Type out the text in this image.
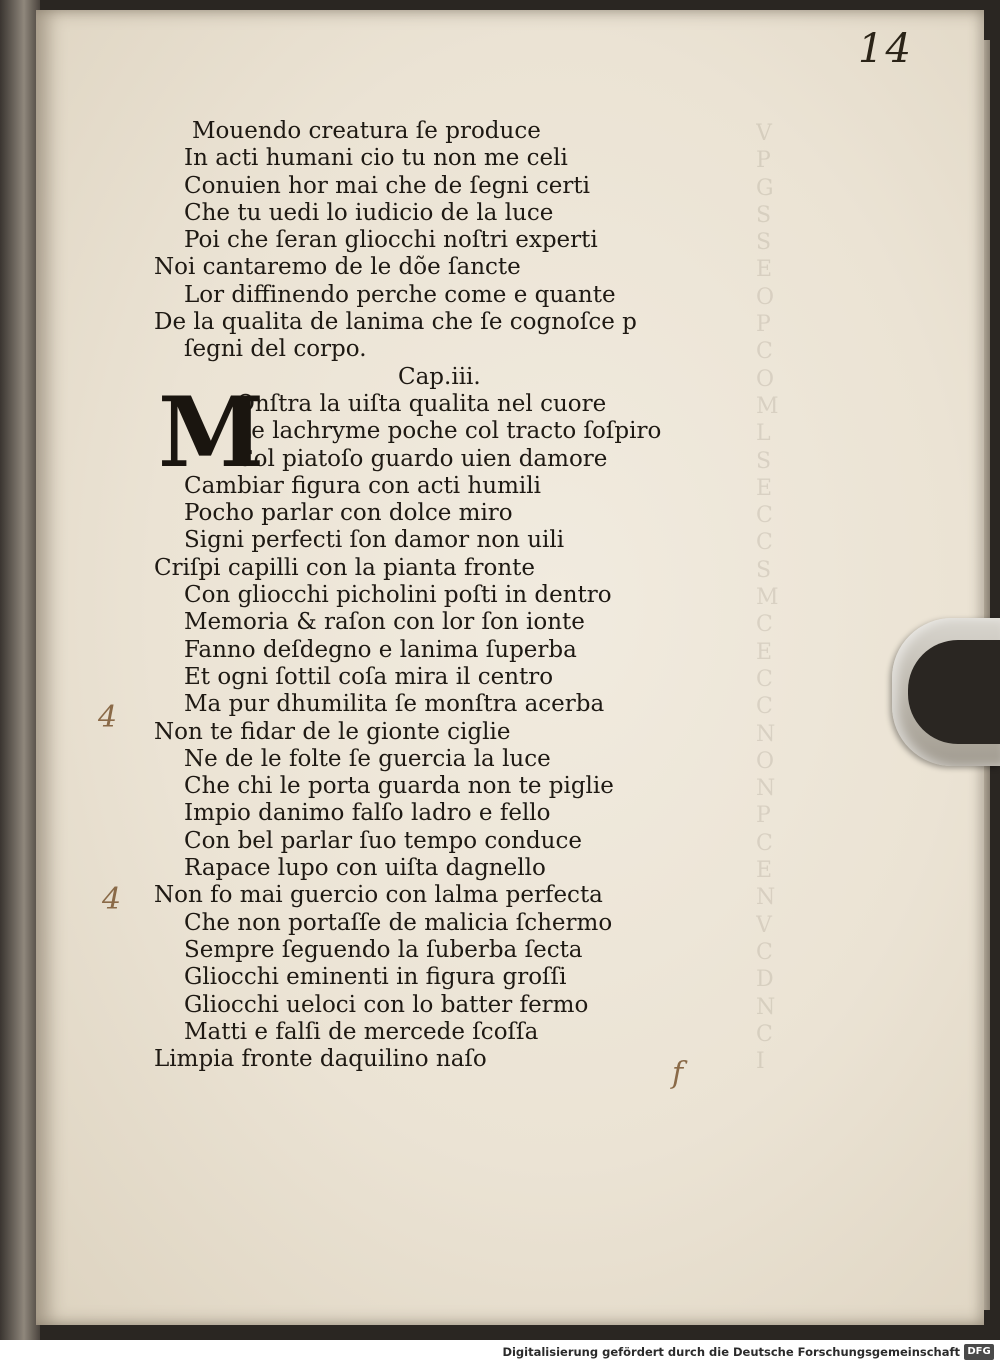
V
P
G
S
S
E
O
P
C
O
M
L
S
E
C
C
S
M
C
E
C
C
N
O
N
P
C
E
N
V
C
D
N
C
I
14
Mouendo creatura ſe produce
In acti humani cio tu non me celi
Conuien hor mai che de ſegni certi
Che tu uedi lo iudicio de la luce
Poi che ſeran gliocchi noſtri experti
Noi cantaremo de le dõe ſancte
Lor diffinendo perche come e quante
De la qualita de lanima che ſe cognoſce p
ſegni del corpo.
Cap.iii.
M
Onſtra la uiſta qualita nel cuore
Le lachryme poche col tracto ſoſpiro
Col piatoſo guardo uien damore
Cambiar figura con acti humili
Pocho parlar con dolce miro
Signi perfecti ſon damor non uili
Criſpi capilli con la pianta fronte
Con gliocchi picholini poſti in dentro
Memoria & raſon con lor ſon ionte
Fanno deſdegno e lanima ſuperba
Et ogni ſottil coſa mira il centro
Ma pur dhumilita ſe monſtra acerba
Non te fidar de le gionte ciglie
Ne de le folte ſe guercia la luce
Che chi le porta guarda non te piglie
Impio danimo falſo ladro e fello
Con bel parlar ſuo tempo conduce
Rapace lupo con uiſta dagnello
Non fo mai guercio con lalma perfecta
Che non portaſſe de malicia ſchermo
Sempre ſeguendo la ſuberba ſecta
Gliocchi eminenti in figura groſſi
Gliocchi ueloci con lo batter fermo
Matti e falſi de mercede ſcoſſa
Limpia fronte daquilino naſo
4
4
f
Digitalisierung gefördert durch die Deutsche Forschungsgemeinschaft DFG
